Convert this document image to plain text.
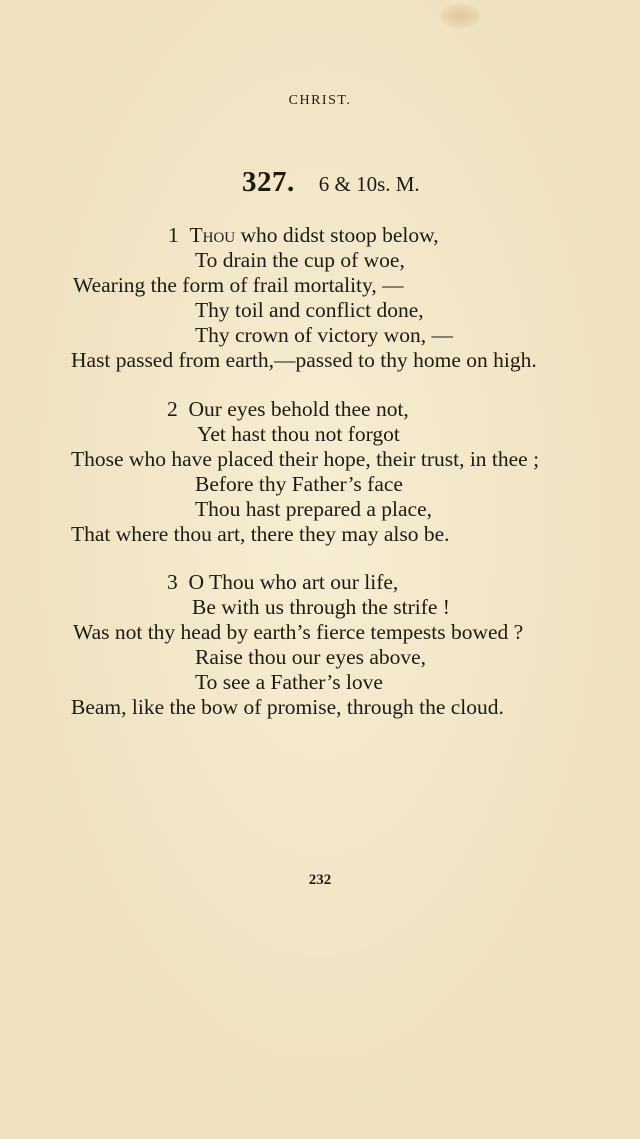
CHRIST.
327. 6 & 10s. M.
1 Thou who didst stoop below,
To drain the cup of woe,
Wearing the form of frail mortality, —
Thy toil and conflict done,
Thy crown of victory won, —
Hast passed from earth,—passed to thy home on high.
2 Our eyes behold thee not,
Yet hast thou not forgot
Those who have placed their hope, their trust, in thee ;
Before thy Father’s face
Thou hast prepared a place,
That where thou art, there they may also be.
3 O Thou who art our life,
Be with us through the strife !
Was not thy head by earth’s fierce tempests bowed ?
Raise thou our eyes above,
To see a Father’s love
Beam, like the bow of promise, through the cloud.
232
